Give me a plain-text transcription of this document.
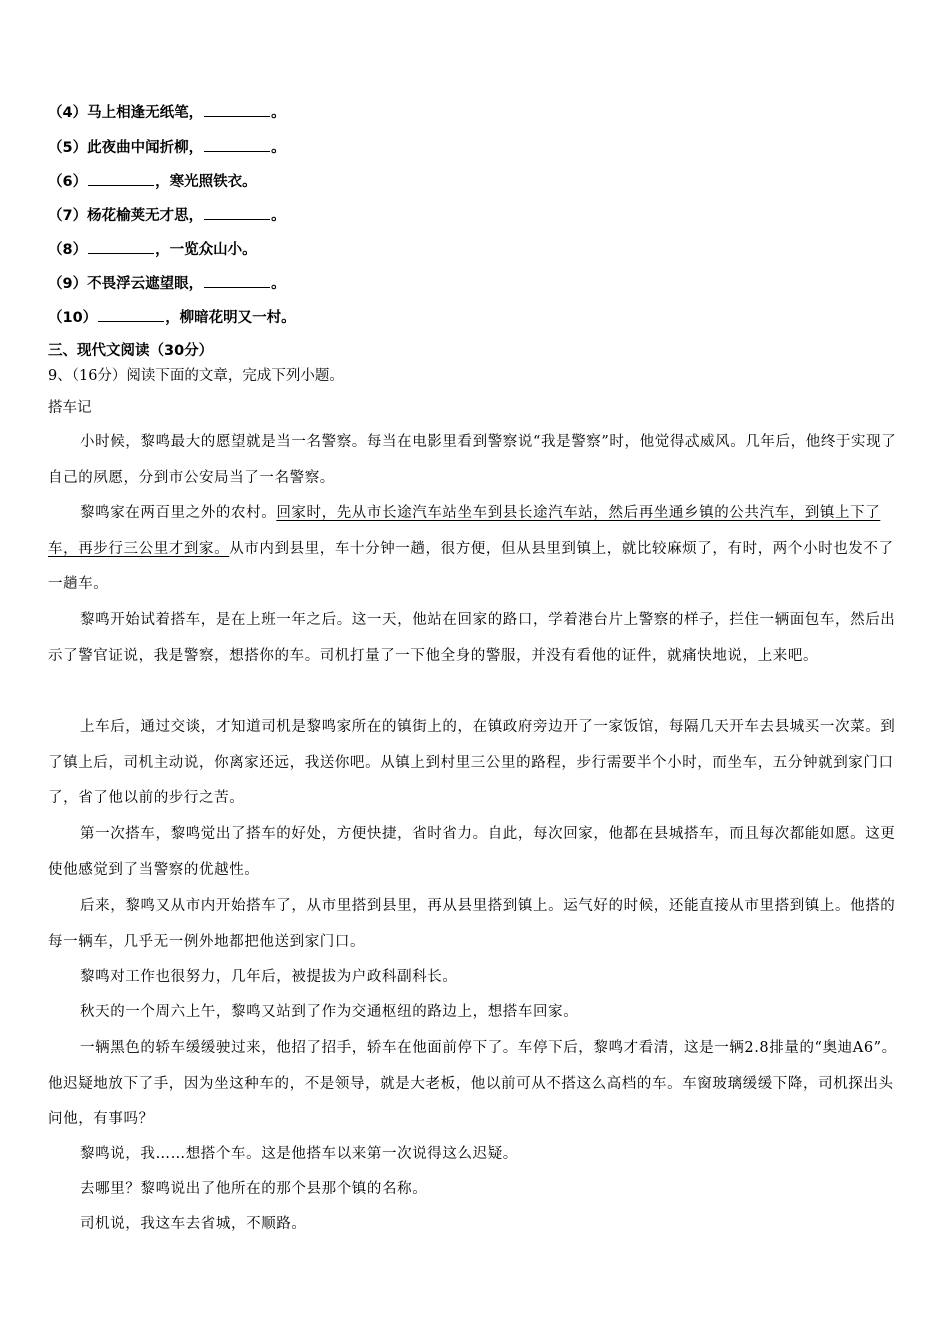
（4）马上相逢无纸笔，	。
（5）此夜曲中闻折柳，	。
（6）	，寒光照铁衣。
（7）杨花榆荚无才思，	。
（8）	，一览众山小。
（9）不畏浮云遮望眼，	。
（10）	，柳暗花明又一村。
三、现代文阅读（30分）
9、（16分）阅读下面的文章，完成下列小题。
搭车记
小时候，黎鸣最大的愿望就是当一名警察。每当在电影里看到警察说“我是警察”时，他觉得忒威风。几年后，他终于实现了自己的夙愿，分到市公安局当了一名警察。
黎鸣家在两百里之外的农村。回家时，先从市长途汽车站坐车到县长途汽车站，然后再坐通乡镇的公共汽车，到镇上下了车，再步行三公里才到家。从市内到县里，车十分钟一趟，很方便，但从县里到镇上，就比较麻烦了，有时，两个小时也发不了一趟车。
黎鸣开始试着搭车，是在上班一年之后。这一天，他站在回家的路口，学着港台片上警察的样子，拦住一辆面包车，然后出示了警官证说，我是警察，想搭你的车。司机打量了一下他全身的警服，并没有看他的证件，就痛快地说，上来吧。
上车后，通过交谈，才知道司机是黎鸣家所在的镇街上的，在镇政府旁边开了一家饭馆，每隔几天开车去县城买一次菜。到了镇上后，司机主动说，你离家还远，我送你吧。从镇上到村里三公里的路程，步行需要半个小时，而坐车，五分钟就到家门口了，省了他以前的步行之苦。
第一次搭车，黎鸣觉出了搭车的好处，方便快捷，省时省力。自此，每次回家，他都在县城搭车，而且每次都能如愿。这更使他感觉到了当警察的优越性。
后来，黎鸣又从市内开始搭车了，从市里搭到县里，再从县里搭到镇上。运气好的时候，还能直接从市里搭到镇上。他搭的每一辆车，几乎无一例外地都把他送到家门口。
黎鸣对工作也很努力，几年后，被提拔为户政科副科长。
秋天的一个周六上午，黎鸣又站到了作为交通枢纽的路边上，想搭车回家。
一辆黑色的轿车缓缓驶过来，他招了招手，轿车在他面前停下了。车停下后，黎鸣才看清，这是一辆2.8排量的“奥迪A6”。他迟疑地放下了手，因为坐这种车的，不是领导，就是大老板，他以前可从不搭这么高档的车。车窗玻璃缓缓下降，司机探出头问他，有事吗？
黎鸣说，我……想搭个车。这是他搭车以来第一次说得这么迟疑。
去哪里？黎鸣说出了他所在的那个县那个镇的名称。
司机说，我这车去省城，不顺路。
